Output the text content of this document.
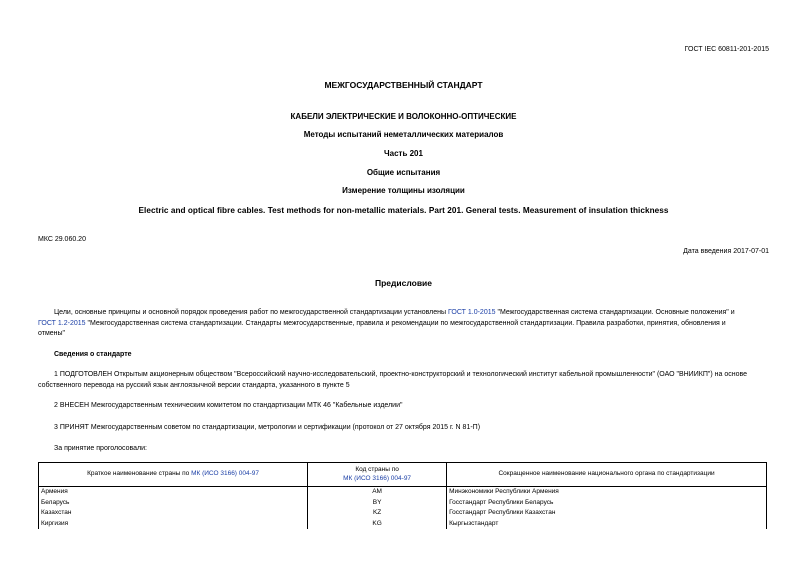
ГОСТ IEC 60811-201-2015
МЕЖГОСУДАРСТВЕННЫЙ СТАНДАРТ
КАБЕЛИ ЭЛЕКТРИЧЕСКИЕ И ВОЛОКОННО-ОПТИЧЕСКИЕ
Методы испытаний неметаллических материалов
Часть 201
Общие испытания
Измерение толщины изоляции
Electric and optical fibre cables. Test methods for non-metallic materials. Part 201. General tests. Measurement of insulation thickness
МКС 29.060.20
Дата введения 2017-07-01
Предисловие
Цели, основные принципы и основной порядок проведения работ по межгосударственной стандартизации установлены ГОСТ 1.0-2015 "Межгосударственная система стандартизации. Основные положения" и
ГОСТ 1.2-2015 "Межгосударственная система стандартизации. Стандарты межгосударственные, правила и рекомендации по межгосударственной стандартизации. Правила разработки, принятия, обновления и
отмены"
Сведения о стандарте
1 ПОДГОТОВЛЕН Открытым акционерным обществом "Всероссийский научно-исследовательский, проектно-конструкторский и технологический институт кабельной промышленности" (ОАО "ВНИИКП") на основе
собственного перевода на русский язык англоязычной версии стандарта, указанного в пункте 5
2 ВНЕСЕН Межгосударственным техническим комитетом по стандартизации МТК 46 "Кабельные изделии"
3 ПРИНЯТ Межгосударственным советом по стандартизации, метрологии и сертификации (протокол от 27 октября 2015 г. N 81-П)
За принятие проголосовали:
Краткое наименование страны по МК (ИСО 3166) 004-97	Код страны по
МК (ИСО 3166) 004-97	Сокращенное наименование национального органа по стандартизации
Армения	AM	Минэкономики Республики Армения
Беларусь	BY	Госстандарт Республики Беларусь
Казахстан	KZ	Госстандарт Республики Казахстан
Киргизия	KG	Кыргызстандарт
